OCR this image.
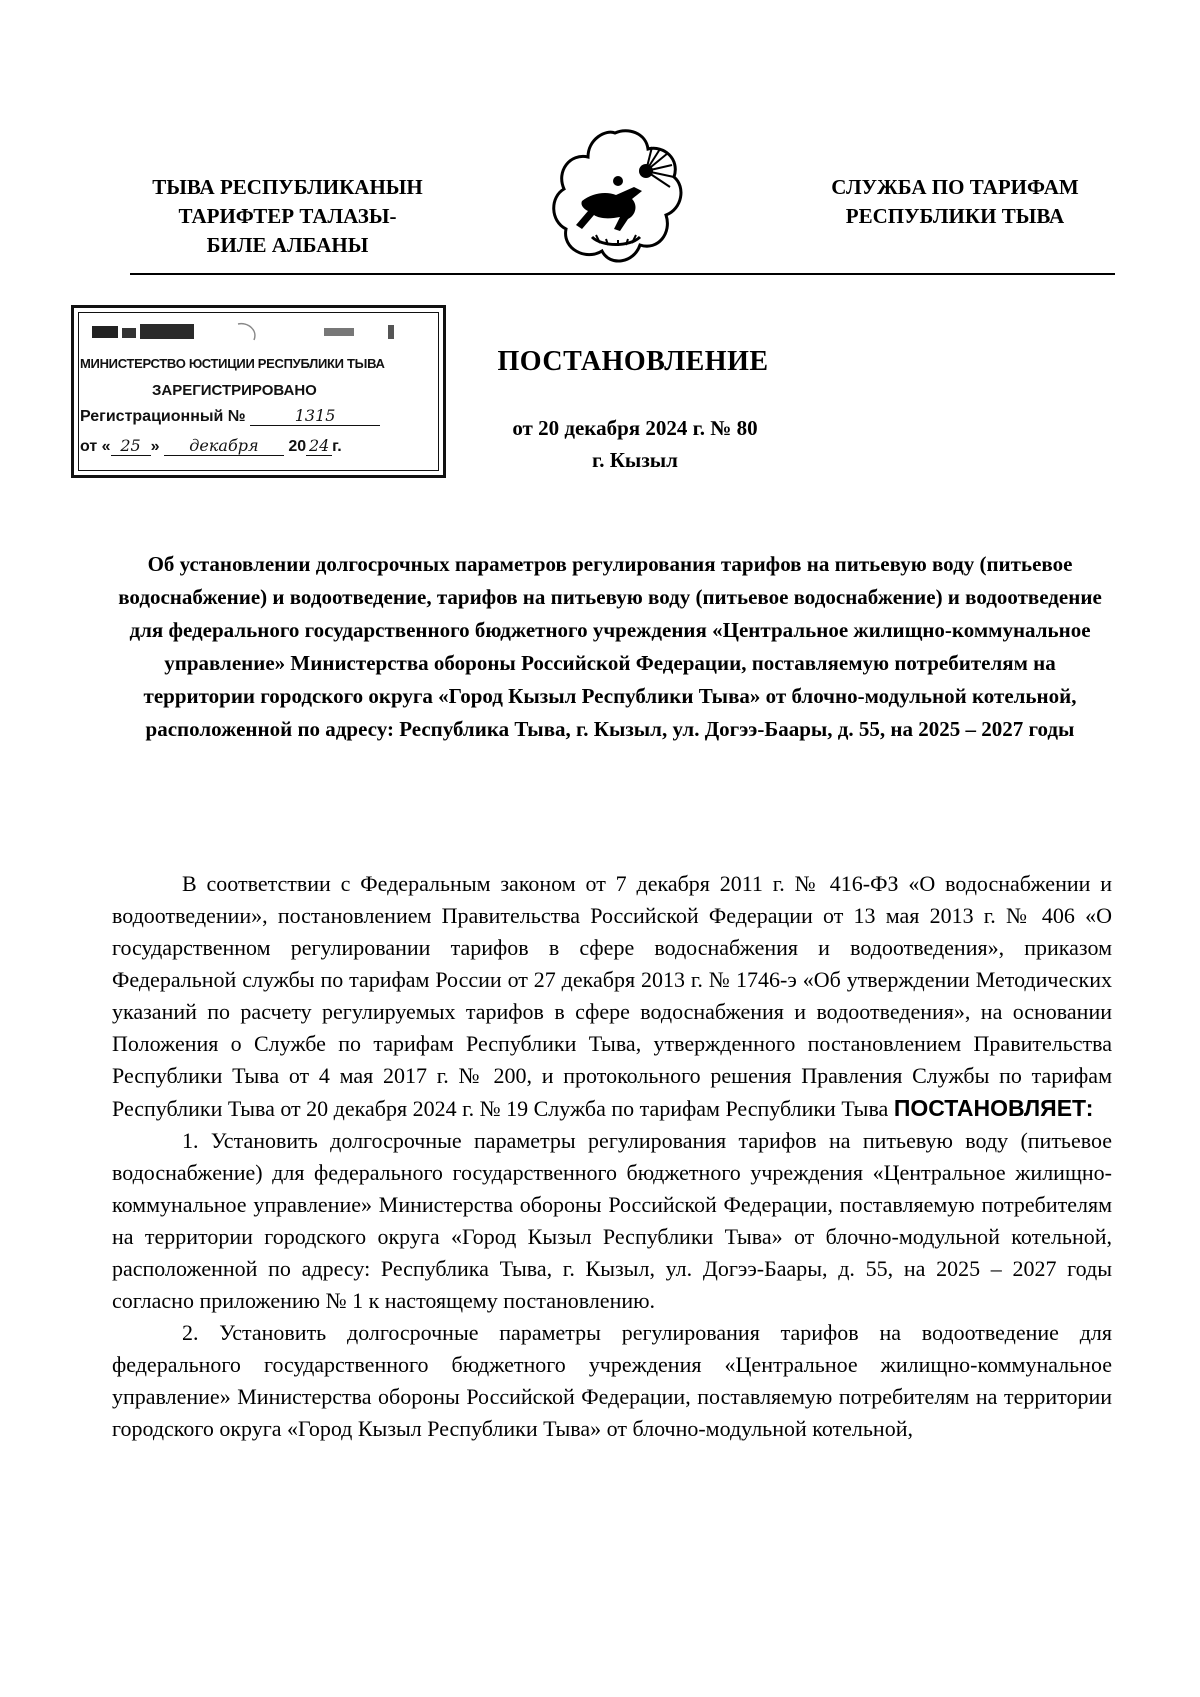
ТЫВА РЕСПУБЛИКАНЫН
ТАРИФТЕР ТАЛАЗЫ-
БИЛЕ АЛБАНЫ
СЛУЖБА ПО ТАРИФАМ
РЕСПУБЛИКИ ТЫВА
МИНИСТЕРСТВО ЮСТИЦИИ РЕСПУБЛИКИ ТЫВА
ЗАРЕГИСТРИРОВАНО
Регистрационный №	1315
от « 25 » декабря 20 24 г.
ПОСТАНОВЛЕНИЕ
от 20 декабря 2024 г. № 80
г. Кызыл
Об установлении долгосрочных параметров регулирования тарифов на питьевую воду (питьевое водоснабжение) и водоотведение, тарифов на питьевую воду (питьевое водоснабжение) и водоотведение для федерального государственного бюджетного учреждения «Центральное жилищно-коммунальное управление» Министерства обороны Российской Федерации, поставляемую потребителям на территории городского округа «Город Кызыл Республики Тыва» от блочно-модульной котельной, расположенной по адресу: Республика Тыва, г. Кызыл, ул. Догээ-Баары, д. 55, на 2025 – 2027 годы

В соответствии с Федеральным законом от 7 декабря 2011 г. № 416-ФЗ «О водоснабжении и водоотведении», постановлением Правительства Российской Федерации от 13 мая 2013 г. № 406 «О государственном регулировании тарифов в сфере водоснабжения и водоотведения», приказом Федеральной службы по тарифам России от 27 декабря 2013 г. № 1746-э «Об утверждении Методических указаний по расчету регулируемых тарифов в сфере водоснабжения и водоотведения», на основании Положения о Службе по тарифам Республики Тыва, утвержденного постановлением Правительства Республики Тыва от 4 мая 2017 г. № 200, и протокольного решения Правления Службы по тарифам Республики Тыва от 20 декабря 2024 г. № 19 Служба по тарифам Республики Тыва ПОСТАНОВЛЯЕТ:

1. Установить долгосрочные параметры регулирования тарифов на питьевую воду (питьевое водоснабжение) для федерального государственного бюджетного учреждения «Центральное жилищно-коммунальное управление» Министерства обороны Российской Федерации, поставляемую потребителям на территории городского округа «Город Кызыл Республики Тыва» от блочно-модульной котельной, расположенной по адресу: Республика Тыва, г. Кызыл, ул. Догээ-Баары, д. 55, на 2025 – 2027 годы согласно приложению № 1 к настоящему постановлению.

2. Установить долгосрочные параметры регулирования тарифов на водоотведение для федерального государственного бюджетного учреждения «Центральное жилищно-коммунальное управление» Министерства обороны Российской Федерации, поставляемую потребителям на территории городского округа «Город Кызыл Республики Тыва» от блочно-модульной котельной,
